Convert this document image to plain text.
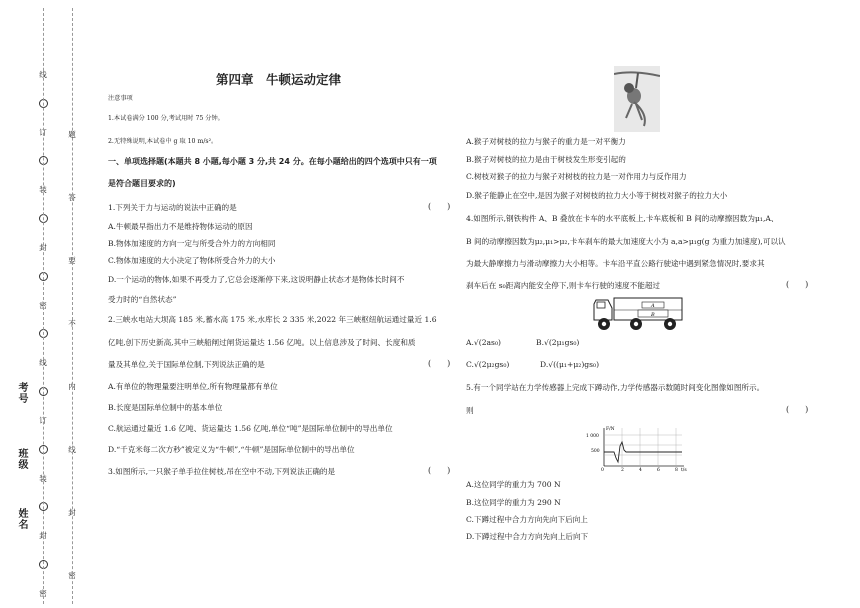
线
订
装
封
密
线
订
装
封
密
题
答
要
不
内
线
封
密
考号
班级
姓名
第四章　牛顿运动定律
注意事项
1.本试卷满分 100 分,考试用时 75 分钟。
2.无特殊说明,本试卷中 g 取 10 m/s²。
一、单项选择题(本题共 8 小题,每小题 3 分,共 24 分。在每小题给出的四个选项中只有一项
是符合题目要求的)
1.下列关于力与运动的说法中正确的是	(　　)
A.牛顿最早指出力不是维持物体运动的原因
B.物体加速度的方向一定与所受合外力的方向相同
C.物体加速度的大小决定了物体所受合外力的大小
D.一个运动的物体,如果不再受力了,它总会逐渐停下来,这说明静止状态才是物体长时间不
受力时的“自然状态”
2.三峡水电站大坝高 185 米,蓄水高 175 米,水库长 2 335 米,2022 年三峡枢纽航运通过量近 1.6
亿吨,创下历史新高,其中三峡船闸过闸货运量达 1.56 亿吨。以上信息涉及了时间、长度和质
量及其单位,关于国际单位制,下列说法正确的是	(　　)
A.有单位的物理量要注明单位,所有物理量都有单位
B.长度是国际单位制中的基本单位
C.航运通过量近 1.6 亿吨、货运量达 1.56 亿吨,单位“吨”是国际单位制中的导出单位
D.“千克米每二次方秒”被定义为“牛顿”,“牛顿”是国际单位制中的导出单位
3.如图所示,一只猴子单手拉住树枝,吊在空中不动,下列说法正确的是	(　　)
A.猴子对树枝的拉力与猴子的重力是一对平衡力
B.猴子对树枝的拉力是由于树枝发生形变引起的
C.树枝对猴子的拉力与猴子对树枝的拉力是一对作用力与反作用力
D.猴子能静止在空中,是因为猴子对树枝的拉力大小等于树枝对猴子的拉力大小
4.如图所示,钢铁构件 A、B 叠放在卡车的水平底板上,卡车底板和 B 间的动摩擦因数为μ₁,A、
B 间的动摩擦因数为μ₂,μ₁>μ₂,卡车刹车的最大加速度大小为 a,a>μ₁g(g 为重力加速度),可以认
为最大静摩擦力与滑动摩擦力大小相等。卡车沿平直公路行驶途中遇到紧急情况时,要求其
刹车后在 s₀距离内能安全停下,则卡车行驶的速度不能超过	(　　)
A
B
A.√(2as₀)	B.√(2μ₁gs₀)
C.√(2μ₂gs₀)	D.√((μ₁+μ₂)gs₀)
5.有一个同学站在力学传感器上完成下蹲动作,力学传感器示数随时间变化图像如图所示。
则	(　　)
F/N
1 000
500
0	2	4	6	8 t/s
A.这位同学的重力为 700 N
B.这位同学的重力为 290 N
C.下蹲过程中合力方向先向下后向上
D.下蹲过程中合力方向先向上后向下
